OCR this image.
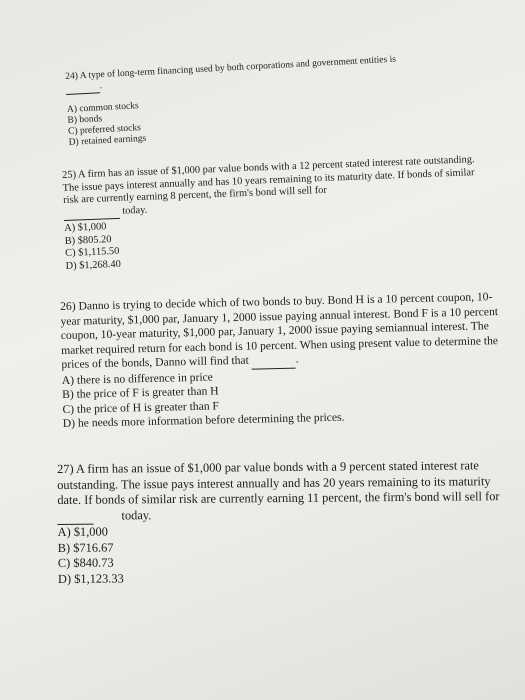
24) A type of long-term financing used by both corporations and government entities is
.

A) common stocks
B) bonds
C) preferred stocks
D) retained earnings

25) A firm has an issue of $1,000 par value bonds with a 12 percent stated interest rate outstanding. The issue pays interest annually and has 10 years remaining to its maturity date. If bonds of similar risk are currently earning 8 percent, the firm's bond will sell for
today.

A) $1,000
B) $805.20
C) $1,115.50
D) $1,268.40

26) Danno is trying to decide which of two bonds to buy. Bond H is a 10 percent coupon, 10-year maturity, $1,000 par, January 1, 2000 issue paying annual interest. Bond F is a 10 percent coupon, 10-year maturity, $1,000 par, January 1, 2000 issue paying semiannual interest. The market required return for each bond is 10 percent. When using present value to determine the prices of the bonds, Danno will find that	.

A) there is no difference in price
B) the price of F is greater than H
C) the price of H is greater than F
D) he needs more information before determining the prices.

27) A firm has an issue of $1,000 par value bonds with a 9 percent stated interest rate outstanding. The issue pays interest annually and has 20 years remaining to its maturity date. If bonds of similar risk are currently earning 11 percent, the firm's bond will sell for
today.

A) $1,000
B) $716.67
C) $840.73
D) $1,123.33
